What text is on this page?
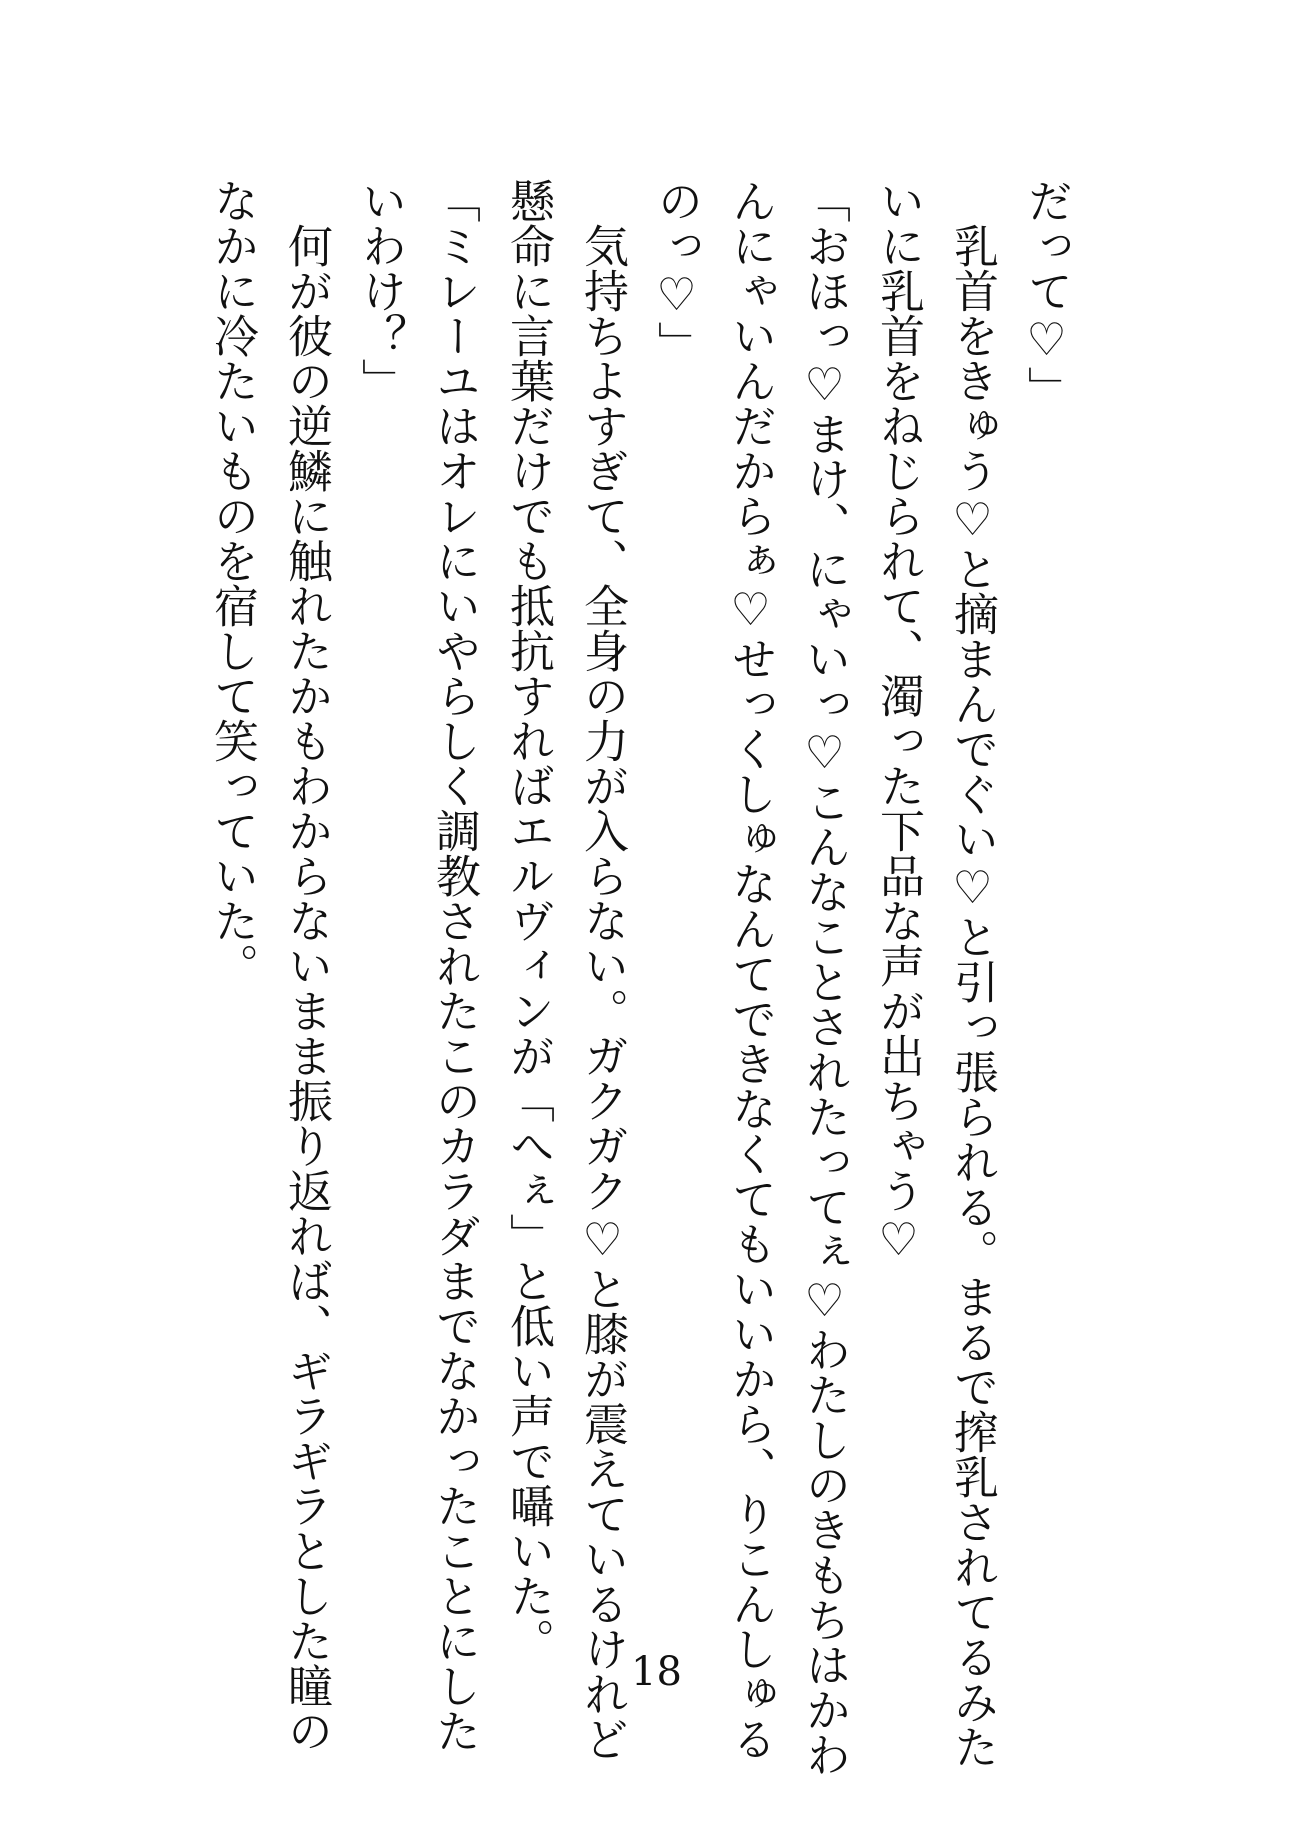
だって♡」
　乳首をきゅう♡と摘まんでぐい♡と引っ張られる。まるで搾乳されてるみた
いに乳首をねじられて、濁った下品な声が出ちゃう♡
「おほっ♡まけ、にゃいっ♡こんなことされたってぇ♡わたしのきもちはかわ
んにゃいんだからぁ♡せっくしゅなんてできなくてもいいから、りこんしゅる
のっ♡」
　気持ちよすぎて、全身の力が入らない。ガクガク♡と膝が震えているけれど
懸命に言葉だけでも抵抗すればエルヴィンが「へぇ」と低い声で囁いた。
「ミレーユはオレにいやらしく調教されたこのカラダまでなかったことにした
いわけ？」
　何が彼の逆鱗に触れたかもわからないまま振り返れば、ギラギラとした瞳の
なかに冷たいものを宿して笑っていた。
18
